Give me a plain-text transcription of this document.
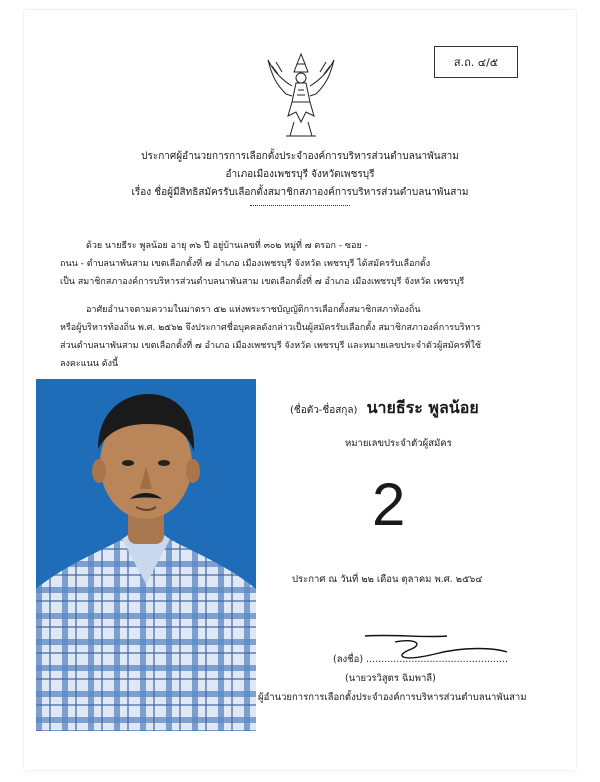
ส.ถ. ๔/๕
ประกาศผู้อำนวยการการเลือกตั้งประจำองค์การบริหารส่วนตำบลนาพันสาม
อำเภอเมืองเพชรบุรี จังหวัดเพชรบุรี
เรื่อง ชื่อผู้มีสิทธิสมัครรับเลือกตั้งสมาชิกสภาองค์การบริหารส่วนตำบลนาพันสาม
ด้วย นายธีระ พูลน้อย อายุ ๓๖ ปี อยู่บ้านเลขที่ ๓๐๒ หมู่ที่ ๗ ตรอก - ซอย -
ถนน - ตำบลนาพันสาม เขตเลือกตั้งที่ ๗ อำเภอ เมืองเพชรบุรี จังหวัด เพชรบุรี ได้สมัครรับเลือกตั้ง
เป็น สมาชิกสภาองค์การบริหารส่วนตำบลนาพันสาม เขตเลือกตั้งที่ ๗ อำเภอ เมืองเพชรบุรี จังหวัด เพชรบุรี
อาศัยอำนาจตามความในมาตรา ๕๒ แห่งพระราชบัญญัติการเลือกตั้งสมาชิกสภาท้องถิ่น
หรือผู้บริหารท้องถิ่น พ.ศ. ๒๕๖๒ จึงประกาศชื่อบุคคลดังกล่าวเป็นผู้สมัครรับเลือกตั้ง สมาชิกสภาองค์การบริหาร
ส่วนตำบลนาพันสาม เขตเลือกตั้งที่ ๗ อำเภอ เมืองเพชรบุรี จังหวัด เพชรบุรี และหมายเลขประจำตัวผู้สมัครที่ใช้
ลงคะแนน ดังนี้
(ชื่อตัว-ชื่อสกุล) นายธีระ พูลน้อย
หมายเลขประจำตัวผู้สมัคร
2
ประกาศ ณ วันที่ ๒๒ เดือน ตุลาคม พ.ศ. ๒๕๖๔
(ลงชื่อ) ...............................................
(นายวรวิสูตร ฉิมพาลี)
ผู้อำนวยการการเลือกตั้งประจำองค์การบริหารส่วนตำบลนาพันสาม
